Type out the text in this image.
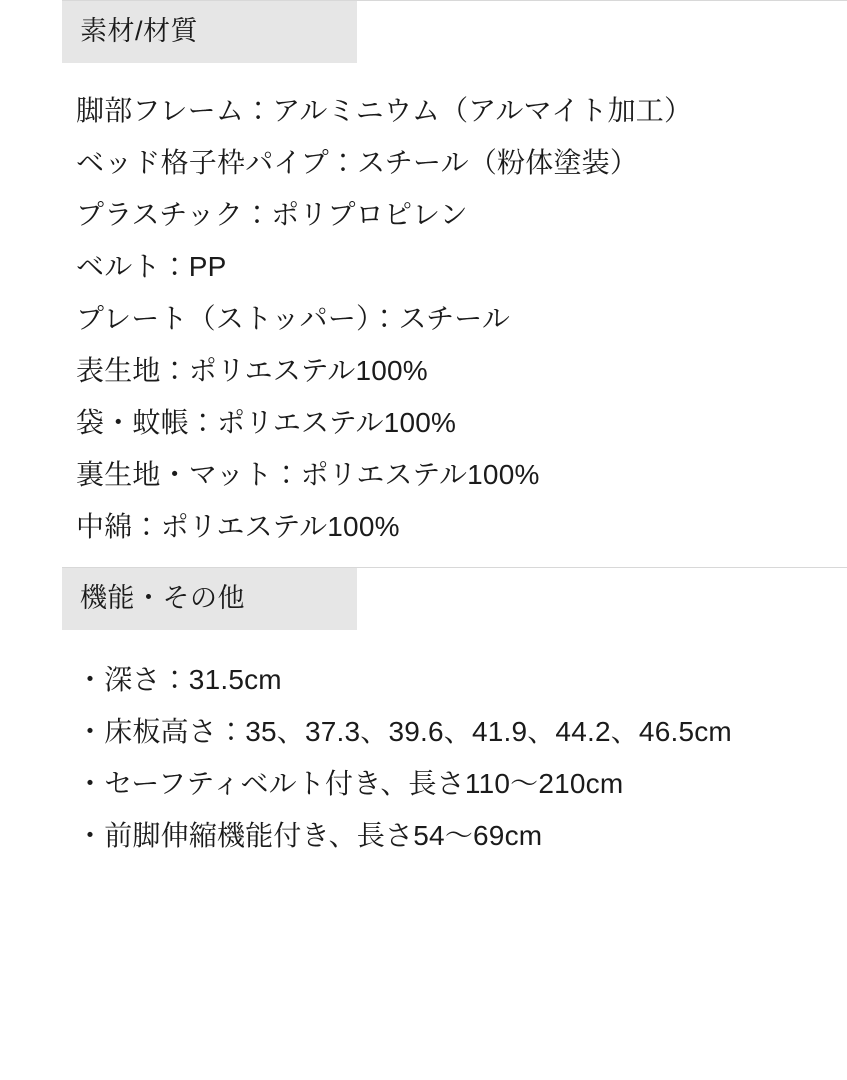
素材/材質

脚部フレーム：アルミニウム（アルマイト加工）

ベッド格子枠パイプ：スチール（粉体塗装）

プラスチック：ポリプロピレン

ベルト：PP

プレート（ストッパー）：スチール

表生地：ポリエステル100%

袋・蚊帳：ポリエステル100%

裏生地・マット：ポリエステル100%

中綿：ポリエステル100%

機能・その他

・深さ：31.5cm

・床板高さ：35、37.3、39.6、41.9、44.2、46.5cm

・セーフティベルト付き、長さ110〜210cm

・前脚伸縮機能付き、長さ54〜69cm
